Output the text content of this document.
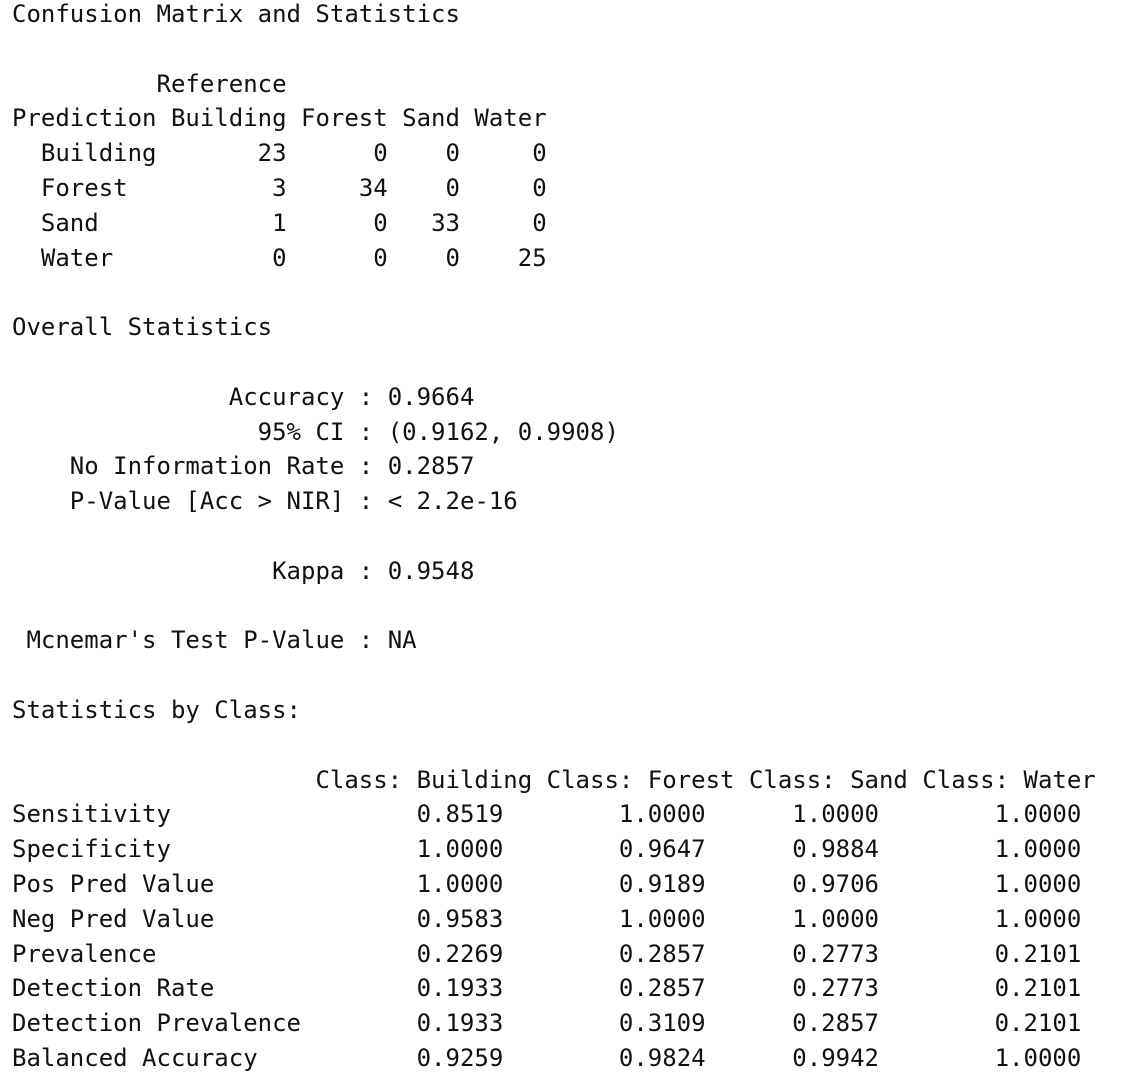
Confusion Matrix and Statistics

Reference
Prediction Building Forest Sand Water
Building	23	0 0	0
Forest	3	34 0	0
Sand	1	0 33	0
Water	0	0 0 25

Overall Statistics

Accuracy : 0.9664
95% CI : (0.9162, 0.9908)
No Information Rate : 0.2857
P-Value [Acc > NIR] : < 2.2e-16

Kappa : 0.9548

Mcnemar's Test P-Value : NA

Statistics by Class:

Class: Building Class: Forest Class: Sand Class: Water
Sensitivity	0.8519	1.0000	1.0000	1.0000
Specificity	1.0000	0.9647	0.9884	1.0000
Pos Pred Value	1.0000	0.9189	0.9706	1.0000
Neg Pred Value	0.9583	1.0000	1.0000	1.0000
Prevalence	0.2269	0.2857	0.2773	0.2101
Detection Rate	0.1933	0.2857	0.2773	0.2101
Detection Prevalence	0.1933	0.3109	0.2857	0.2101
Balanced Accuracy	0.9259	0.9824	0.9942	1.0000
